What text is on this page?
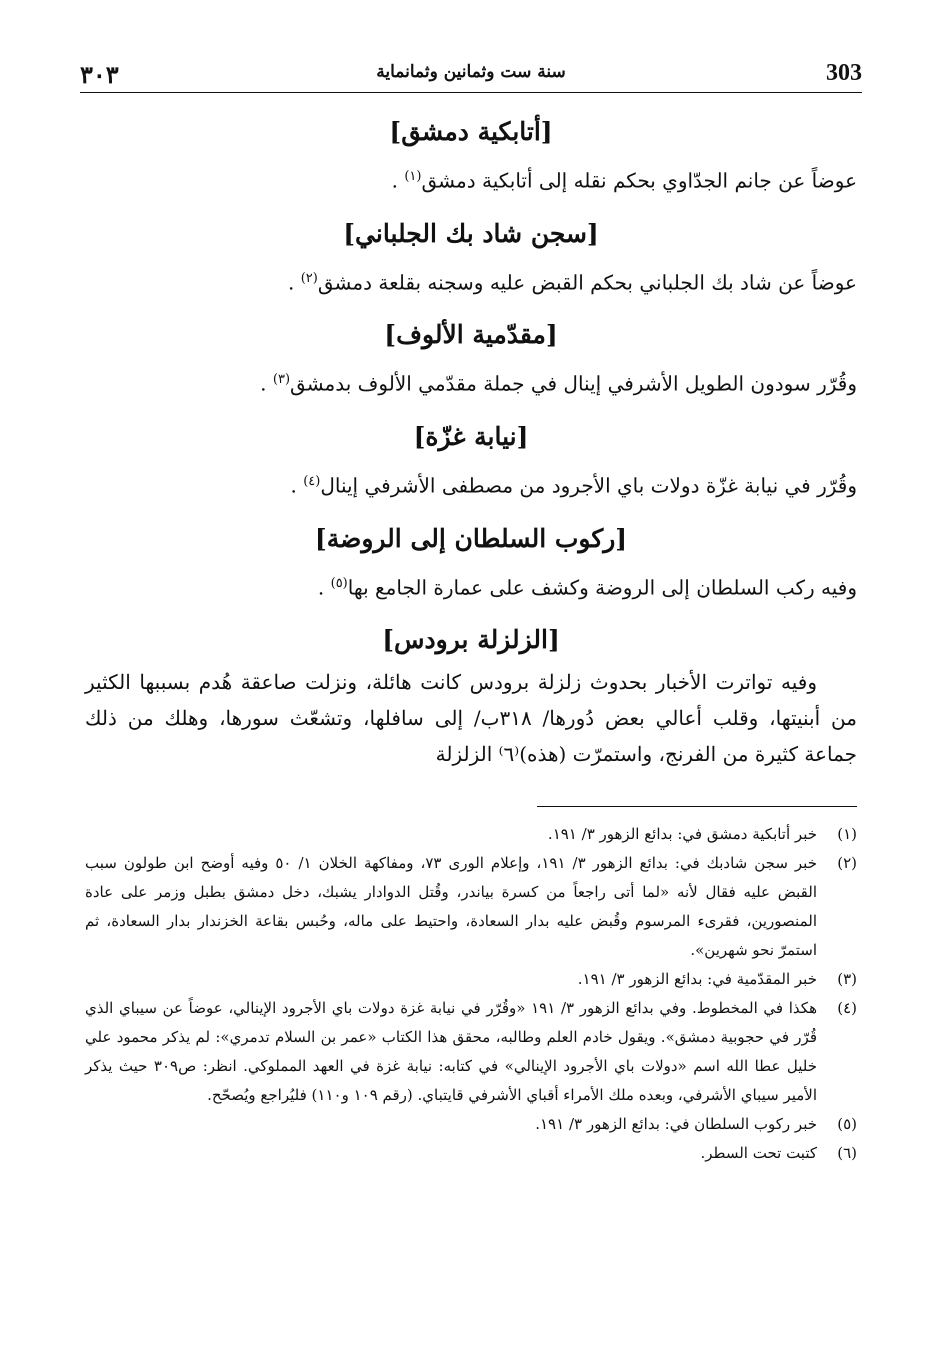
303
سنة ست وثمانين وثمانماية
٣٠٣
[أتابكية دمشق]

عوضاً عن جانم الجدّاوي بحكم نقله إلى أتابكية دمشق$^{(١)}$ .

[سجن شاد بك الجلباني]

عوضاً عن شاد بك الجلباني بحكم القبض عليه وسجنه بقلعة دمشق$^{(٢)}$ .

[مقدّمية الألوف]

وقُرّر سودون الطويل الأشرفي إينال في جملة مقدّمي الألوف بدمشق$^{(٣)}$ .

[نيابة غزّة]

وقُرّر في نيابة غزّة دولات باي الأجرود من مصطفى الأشرفي إينال$^{(٤)}$ .

[ركوب السلطان إلى الروضة]

وفيه ركب السلطان إلى الروضة وكشف على عمارة الجامع بها$^{(٥)}$ .

[الزلزلة برودس]

وفيه تواترت الأخبار بحدوث زلزلة برودس كانت هائلة، ونزلت صاعقة هُدم بسببها الكثير من أبنيتها، وقلب أعالي بعض دُورها/ ٣١٨ب/ إلى سافلها، وتشعّث سورها، وهلك من ذلك جماعة كثيرة من الفرنج، واستمرّت (هذه)⁽٦⁾ الزلزلة

(١)
خبر أتابكية دمشق في: بدائع الزهور ٣/ ١٩١.
(٢)
خبر سجن شادبك في: بدائع الزهور ٣/ ١٩١، وإعلام الورى ٧٣، ومفاكهة الخلان ١/ ٥٠ وفيه أوضح ابن طولون سبب القبض عليه فقال لأنه «لما أتى راجعاً من كسرة بياندر، وقُتل الدوادار يشبك، دخل دمشق بطبل وزمر على عادة المنصورين، فقرىء المرسوم وقُبض عليه بدار السعادة، واحتيط على ماله، وحُبس بقاعة الخزندار بدار السعادة، ثم استمرّ نحو شهرين».
(٣)
خبر المقدّمية في: بدائع الزهور ٣/ ١٩١.
(٤)
هكذا في المخطوط. وفي بدائع الزهور ٣/ ١٩١ «وقُرّر في نيابة غزة دولات باي الأجرود الإينالي، عوضاً عن سيباي الذي قُرّر في حجوبية دمشق». ويقول خادم العلم وطالبه، محقق هذا الكتاب «عمر بن السلام تدمري»: لم يذكر محمود علي خليل عطا الله اسم «دولات باي الأجرود الإينالي» في كتابه: نيابة غزة في العهد المملوكي. انظر: ص٣٠٩ حيث يذكر الأمير سيباي الأشرفي، وبعده ملك الأمراء أقباي الأشرفي قايتباي. (رقم ١٠٩ و١١٠) فليُراجع ويُصحّح.
(٥)
خبر ركوب السلطان في: بدائع الزهور ٣/ ١٩١.
(٦)
كتبت تحت السطر.
